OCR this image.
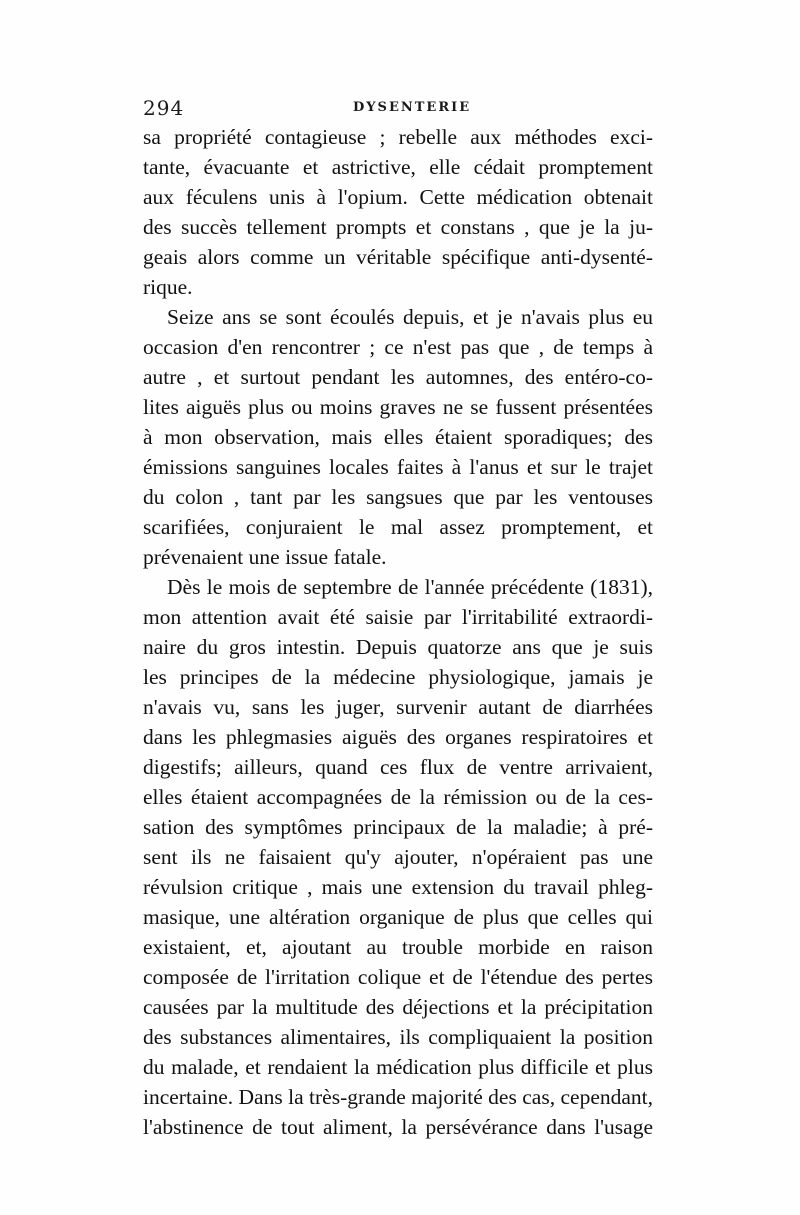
294	DYSENTERIE
sa propriété contagieuse ; rebelle aux méthodes exci-
tante, évacuante et astrictive, elle cédait promptement
aux féculens unis à l'opium. Cette médication obtenait
des succès tellement prompts et constans , que je la ju-
geais alors comme un véritable spécifique anti-dysenté-
rique.
Seize ans se sont écoulés depuis, et je n'avais plus eu
occasion d'en rencontrer ; ce n'est pas que , de temps à
autre , et surtout pendant les automnes, des entéro-co-
lites aiguës plus ou moins graves ne se fussent présentées
à mon observation, mais elles étaient sporadiques; des
émissions sanguines locales faites à l'anus et sur le trajet
du colon , tant par les sangsues que par les ventouses
scarifiées, conjuraient le mal assez promptement, et
prévenaient une issue fatale.
Dès le mois de septembre de l'année précédente (1831),
mon attention avait été saisie par l'irritabilité extraordi-
naire du gros intestin. Depuis quatorze ans que je suis
les principes de la médecine physiologique, jamais je
n'avais vu, sans les juger, survenir autant de diarrhées
dans les phlegmasies aiguës des organes respiratoires et
digestifs; ailleurs, quand ces flux de ventre arrivaient,
elles étaient accompagnées de la rémission ou de la ces-
sation des symptômes principaux de la maladie; à pré-
sent ils ne faisaient qu'y ajouter, n'opéraient pas une
révulsion critique , mais une extension du travail phleg-
masique, une altération organique de plus que celles qui
existaient, et, ajoutant au trouble morbide en raison
composée de l'irritation colique et de l'étendue des pertes
causées par la multitude des déjections et la précipitation
des substances alimentaires, ils compliquaient la position
du malade, et rendaient la médication plus difficile et plus
incertaine. Dans la très-grande majorité des cas, cependant,
l'abstinence de tout aliment, la persévérance dans l'usage
